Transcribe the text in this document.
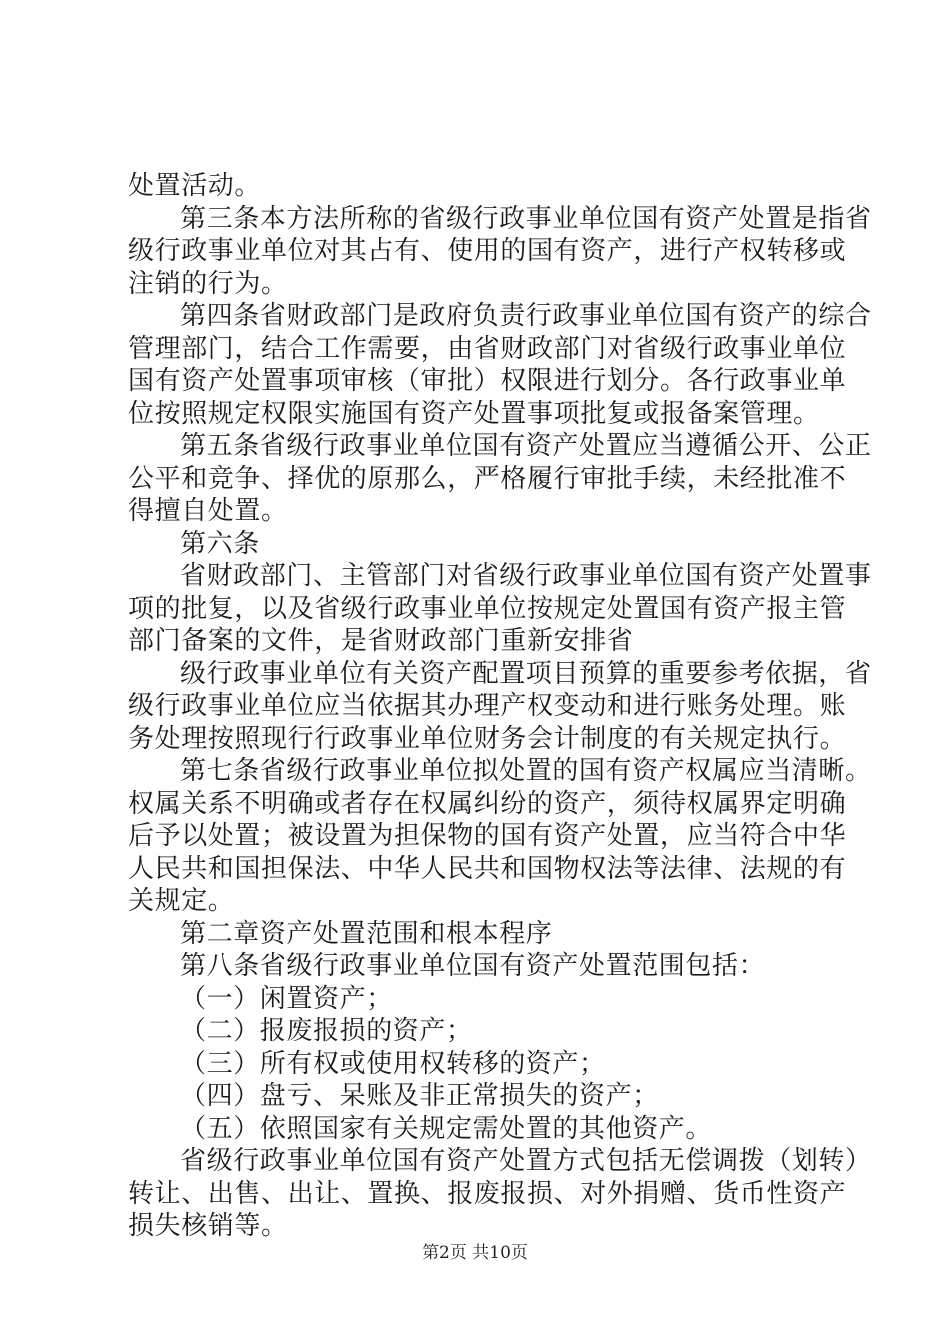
处置活动。
第三条本方法所称的省级行政事业单位国有资产处置是指省
级行政事业单位对其占有、使用的国有资产，进行产权转移或
注销的行为。
第四条省财政部门是政府负责行政事业单位国有资产的综合
管理部门，结合工作需要，由省财政部门对省级行政事业单位
国有资产处置事项审核（审批）权限进行划分。各行政事业单
位按照规定权限实施国有资产处置事项批复或报备案管理。
第五条省级行政事业单位国有资产处置应当遵循公开、公正
公平和竞争、择优的原那么，严格履行审批手续，未经批准不
得擅自处置。
第六条
省财政部门、主管部门对省级行政事业单位国有资产处置事
项的批复，以及省级行政事业单位按规定处置国有资产报主管
部门备案的文件，是省财政部门重新安排省
级行政事业单位有关资产配置项目预算的重要参考依据，省
级行政事业单位应当依据其办理产权变动和进行账务处理。账
务处理按照现行行政事业单位财务会计制度的有关规定执行。
第七条省级行政事业单位拟处置的国有资产权属应当清晰。
权属关系不明确或者存在权属纠纷的资产，须待权属界定明确
后予以处置；被设置为担保物的国有资产处置，应当符合中华
人民共和国担保法、中华人民共和国物权法等法律、法规的有
关规定。
第二章资产处置范围和根本程序
第八条省级行政事业单位国有资产处置范围包括：
（一）闲置资产；
（二）报废报损的资产；
（三）所有权或使用权转移的资产；
（四）盘亏、呆账及非正常损失的资产；
（五）依照国家有关规定需处置的其他资产。
省级行政事业单位国有资产处置方式包括无偿调拨（划转）
转让、出售、出让、置换、报废报损、对外捐赠、货币性资产
损失核销等。
第2页 共10页
